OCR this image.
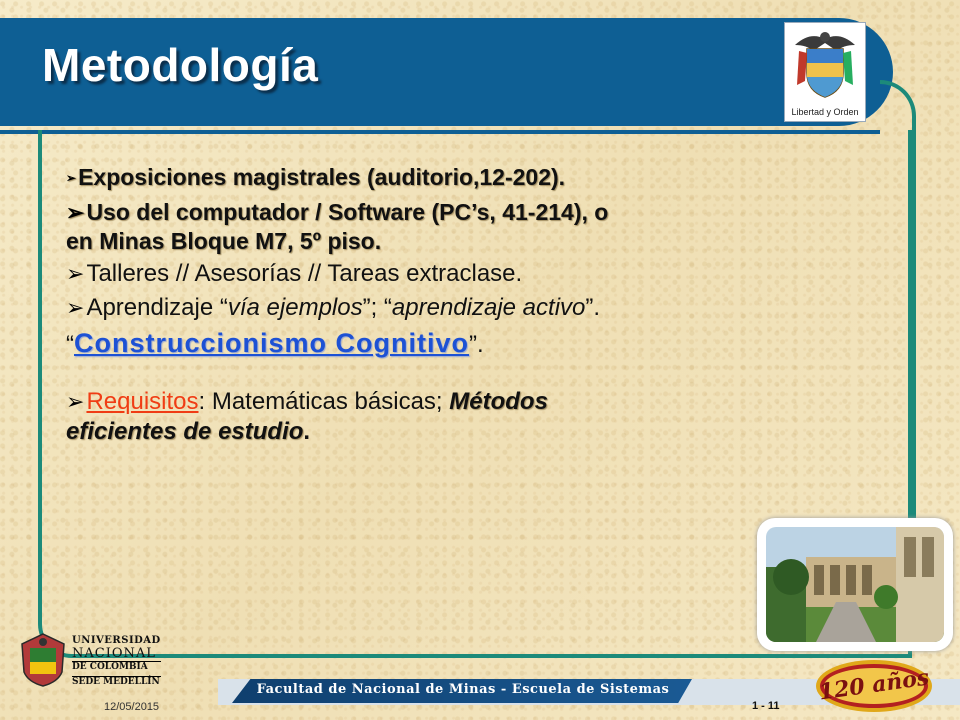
Metodología
Libertad y Orden
➢Exposiciones magistrales (auditorio,12-202).
➢Uso del computador / Software (PC’s, 41-214), o
en Minas Bloque M7, 5º piso.
➢Talleres // Asesorías // Tareas extraclase.
➢Aprendizaje “vía ejemplos”; “aprendizaje activo”.
“Construccionismo Cognitivo”.
➢Requisitos: Matemáticas básicas; Métodos
eficientes de estudio.
UNIVERSIDAD
NACIONAL
DE COLOMBIA
SEDE MEDELLÍN	Facultad de Nacional de Minas - Escuela de Sistemas
12/05/2015	1 - 11
120 años
